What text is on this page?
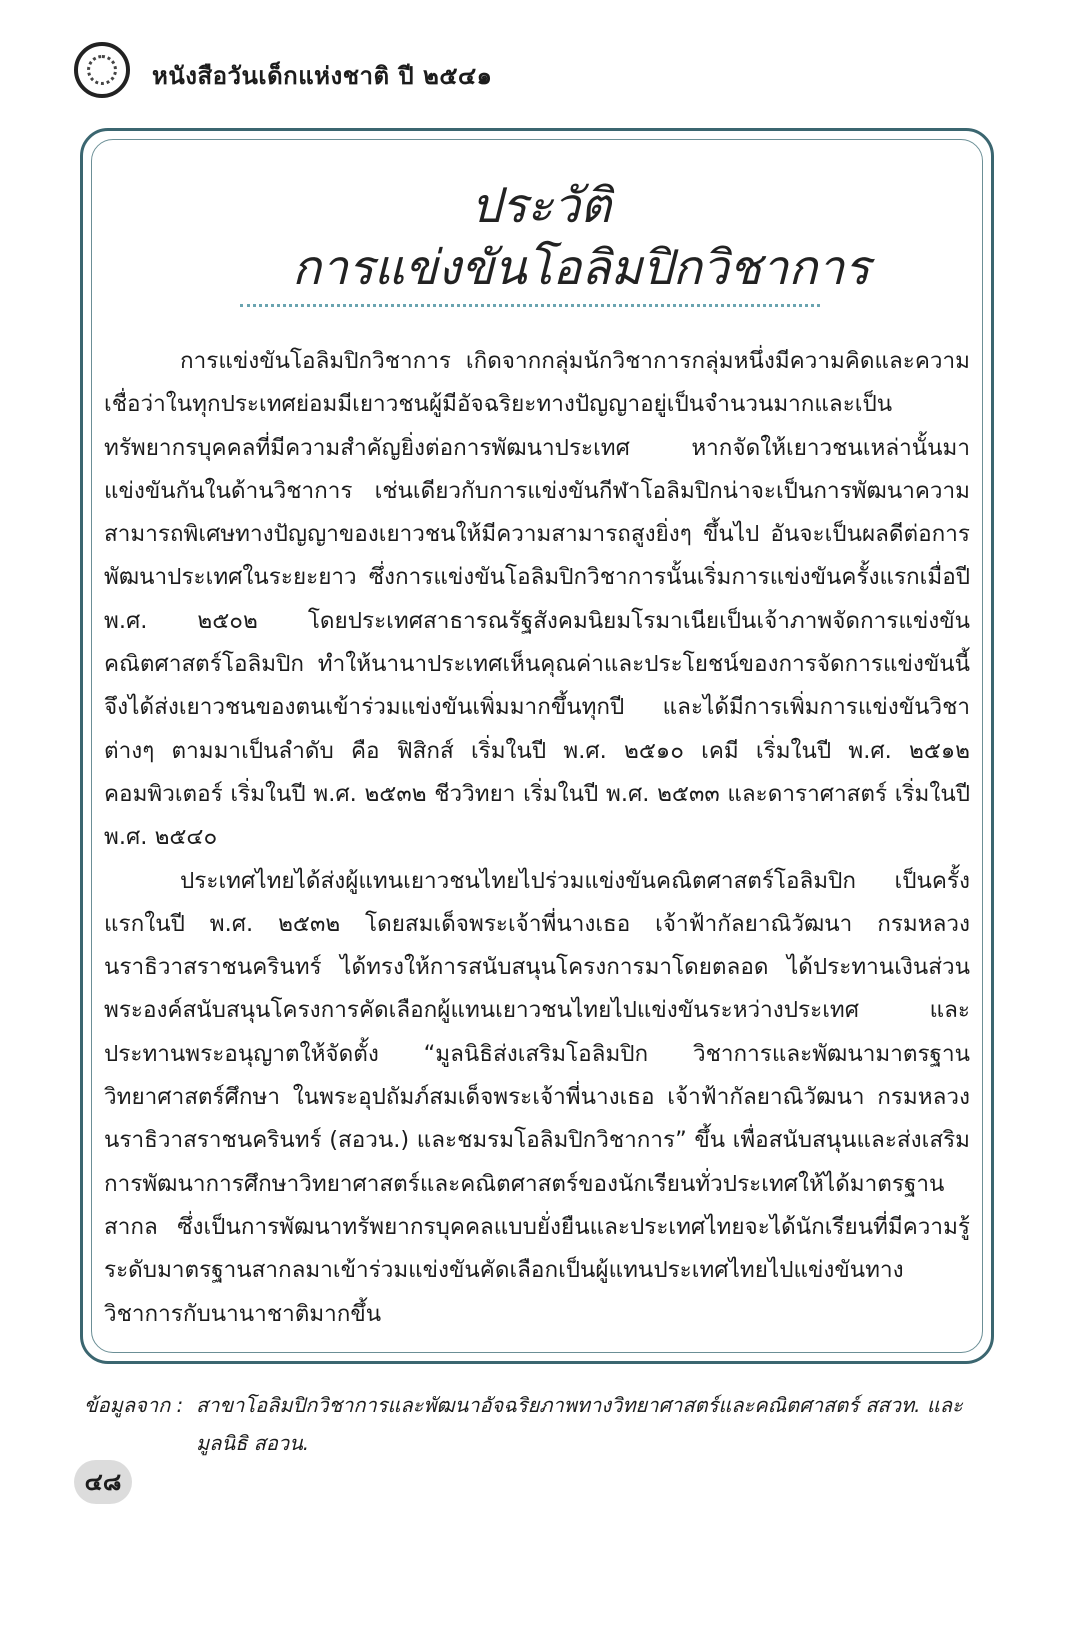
หนังสือวันเด็กแห่งชาติ ปี ๒๕๔๑
ประวัติ
การแข่งขันโอลิมปิกวิชาการ

การแข่งขันโอลิมปิกวิชาการ เกิดจากกลุ่มนักวิชาการกลุ่มหนึ่งมีความคิดและความเชื่อว่าในทุกประเทศย่อมมีเยาวชนผู้มีอัจฉริยะทางปัญญาอยู่เป็นจำนวนมากและเป็นทรัพยากรบุคคลที่มีความสำคัญยิ่งต่อการพัฒนาประเทศ หากจัดให้เยาวชนเหล่านั้นมาแข่งขันกันในด้านวิชาการ เช่นเดียวกับการแข่งขันกีฬาโอลิมปิกน่าจะเป็นการพัฒนาความสามารถพิเศษทางปัญญาของเยาวชนให้มีความสามารถสูงยิ่งๆ ขึ้นไป อันจะเป็นผลดีต่อการพัฒนาประเทศในระยะยาว ซึ่งการแข่งขันโอลิมปิกวิชาการนั้นเริ่มการแข่งขันครั้งแรกเมื่อปี พ.ศ. ๒๕๐๒ โดยประเทศสาธารณรัฐสังคมนิยมโรมาเนียเป็นเจ้าภาพจัดการแข่งขันคณิตศาสตร์โอลิมปิก ทำให้นานาประเทศเห็นคุณค่าและประโยชน์ของการจัดการแข่งขันนี้ จึงได้ส่งเยาวชนของตนเข้าร่วมแข่งขันเพิ่มมากขึ้นทุกปี และได้มีการเพิ่มการแข่งขันวิชาต่างๆ ตามมาเป็นลำดับ คือ ฟิสิกส์ เริ่มในปี พ.ศ. ๒๕๑๐ เคมี เริ่มในปี พ.ศ. ๒๕๑๒ คอมพิวเตอร์ เริ่มในปี พ.ศ. ๒๕๓๒ ชีววิทยา เริ่มในปี พ.ศ. ๒๕๓๓ และดาราศาสตร์ เริ่มในปี พ.ศ. ๒๕๔๐

ประเทศไทยได้ส่งผู้แทนเยาวชนไทยไปร่วมแข่งขันคณิตศาสตร์โอลิมปิก เป็นครั้งแรกในปี พ.ศ. ๒๕๓๒ โดยสมเด็จพระเจ้าพี่นางเธอ เจ้าฟ้ากัลยาณิวัฒนา กรมหลวงนราธิวาสราชนครินทร์ ได้ทรงให้การสนับสนุนโครงการมาโดยตลอด ได้ประทานเงินส่วนพระองค์สนับสนุนโครงการคัดเลือกผู้แทนเยาวชนไทยไปแข่งขันระหว่างประเทศ และประทานพระอนุญาตให้จัดตั้ง “มูลนิธิส่งเสริมโอลิมปิก วิชาการและพัฒนามาตรฐานวิทยาศาสตร์ศึกษา ในพระอุปถัมภ์สมเด็จพระเจ้าพี่นางเธอ เจ้าฟ้ากัลยาณิวัฒนา กรมหลวงนราธิวาสราชนครินทร์ (สอวน.) และชมรมโอลิมปิกวิชาการ” ขึ้น เพื่อสนับสนุนและส่งเสริมการพัฒนาการศึกษาวิทยาศาสตร์และคณิตศาสตร์ของนักเรียนทั่วประเทศให้ได้มาตรฐานสากล ซึ่งเป็นการพัฒนาทรัพยากรบุคคลแบบยั่งยืนและประเทศไทยจะได้นักเรียนที่มีความรู้ระดับมาตรฐานสากลมาเข้าร่วมแข่งขันคัดเลือกเป็นผู้แทนประเทศไทยไปแข่งขันทางวิชาการกับนานาชาติมากขึ้น

ข้อมูลจาก : สาขาโอลิมปิกวิชาการและพัฒนาอัจฉริยภาพทางวิทยาศาสตร์และคณิตศาสตร์ สสวท. และ
มูลนิธิ สอวน.
๔๘
